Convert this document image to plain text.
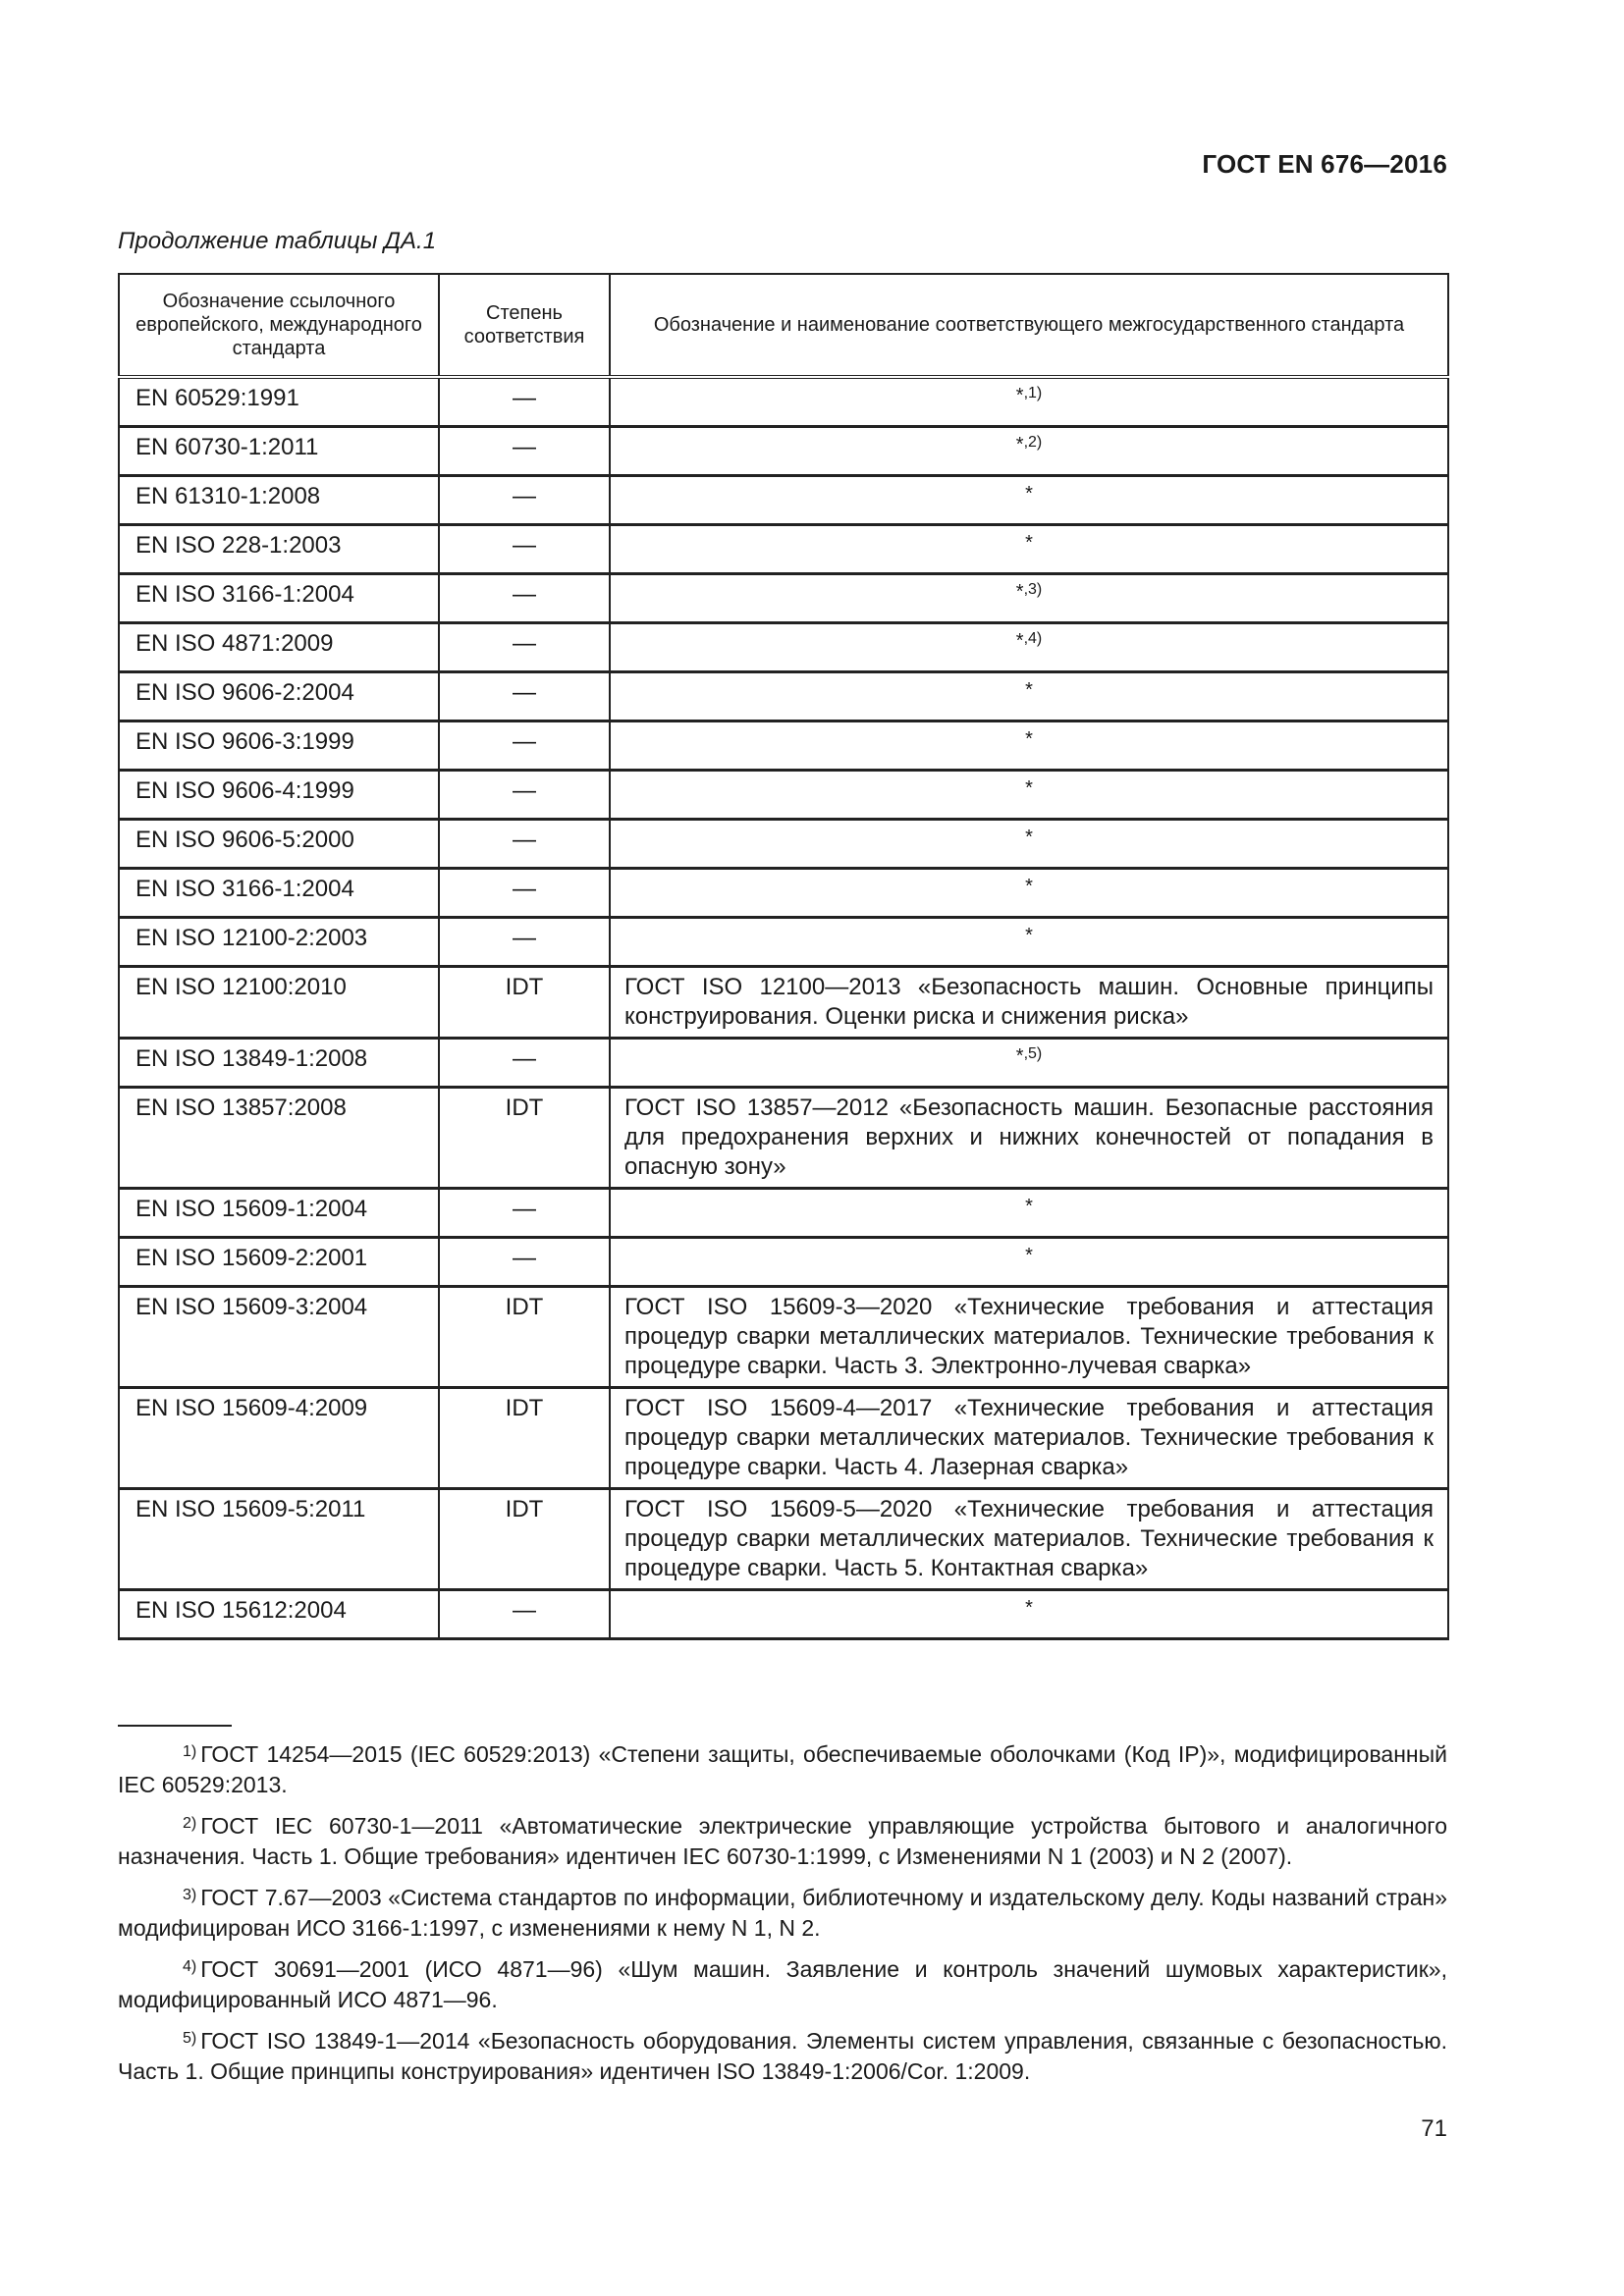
ГОСТ EN 676—2016
Продолжение таблицы ДА.1
Обозначение ссылочного европейского, международного стандарта	Степень соответствия	Обозначение и наименование соответствующего межгосударственного стандарта
EN 60529:1991	—	*$^{,1)}$
EN 60730-1:2011	—	*$^{,2)}$
EN 61310-1:2008	—	*
EN ISO 228-1:2003	—	*
EN ISO 3166-1:2004	—	*$^{,3)}$
EN ISO 4871:2009	—	*$^{,4)}$
EN ISO 9606-2:2004	—	*
EN ISO 9606-3:1999	—	*
EN ISO 9606-4:1999	—	*
EN ISO 9606-5:2000	—	*
EN ISO 3166-1:2004	—	*
EN ISO 12100-2:2003	—	*
EN ISO 12100:2010	IDT	ГОСТ ISO 12100—2013 «Безопасность машин. Основные принципы конструирования. Оценки риска и снижения риска»
EN ISO 13849-1:2008	—	*$^{,5)}$
EN ISO 13857:2008	IDT	ГОСТ ISO 13857—2012 «Безопасность машин. Безопасные расстояния для предохранения верхних и нижних конечностей от попадания в опасную зону»
EN ISO 15609-1:2004	—	*
EN ISO 15609-2:2001	—	*
EN ISO 15609-3:2004	IDT	ГОСТ ISO 15609-3—2020 «Технические требования и аттестация процедур сварки металлических материалов. Технические требования к процедуре сварки. Часть 3. Электронно-лучевая сварка»
EN ISO 15609-4:2009	IDT	ГОСТ ISO 15609-4—2017 «Технические требования и аттестация процедур сварки металлических материалов. Технические требования к процедуре сварки. Часть 4. Лазерная сварка»
EN ISO 15609-5:2011	IDT	ГОСТ ISO 15609-5—2020 «Технические требования и аттестация процедур сварки металлических материалов. Технические требования к процедуре сварки. Часть 5. Контактная сварка»
EN ISO 15612:2004	—	*

$^{1)}$ ГОСТ 14254—2015 (IEC 60529:2013) «Степени защиты, обеспечиваемые оболочками (Код IP)», модифицированный IEC 60529:2013.

$^{2)}$ ГОСТ IEC 60730-1—2011 «Автоматические электрические управляющие устройства бытового и аналогичного назначения. Часть 1. Общие требования» идентичен IEC 60730-1:1999, с Изменениями N 1 (2003) и N 2 (2007).

$^{3)}$ ГОСТ 7.67—2003 «Система стандартов по информации, библиотечному и издательскому делу. Коды названий стран» модифицирован ИСО 3166-1:1997, с изменениями к нему N 1, N 2.

$^{4)}$ ГОСТ 30691—2001 (ИСО 4871—96) «Шум машин. Заявление и контроль значений шумовых характеристик», модифицированный ИСО 4871—96.

$^{5)}$ ГОСТ ISO 13849-1—2014 «Безопасность оборудования. Элементы систем управления, связанные с безопасностью. Часть 1. Общие принципы конструирования» идентичен ISO 13849-1:2006/Cor. 1:2009.

71
